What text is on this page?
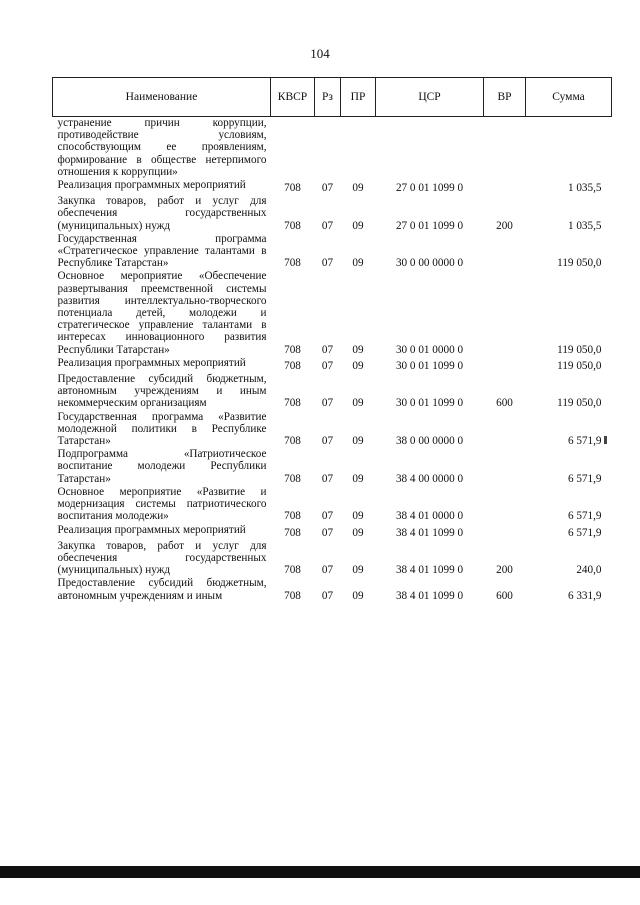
104
Наименование	КВСР	Рз	ПР	ЦСР	ВР	Сумма
устранение причин коррупции, противодействие условиям, способствующим ее проявлениям, формирование в обществе нетерпимого отношения к коррупции»						
Реализация программных мероприятий	708	07	09	27 0 01 1099 0		1 035,5
Закупка товаров, работ и услуг для обеспечения государственных (муниципальных) нужд	708	07	09	27 0 01 1099 0	200	1 035,5
Государственная программа «Стратегическое управление талантами в Республике Татарстан»	708	07	09	30 0 00 0000 0		119 050,0
Основное мероприятие «Обеспечение развертывания преемственной системы развития интеллектуально-творческого потенциала детей, молодежи и стратегическое управление талантами в интересах инновационного развития Республики Татарстан»	708	07	09	30 0 01 0000 0		119 050,0
Реализация программных мероприятий	708	07	09	30 0 01 1099 0		119 050,0
Предоставление субсидий бюджетным, автономным учреждениям и иным некоммерческим организациям	708	07	09	30 0 01 1099 0	600	119 050,0
Государственная программа «Развитие молодежной политики в Республике Татарстан»	708	07	09	38 0 00 0000 0		6 571,9
Подпрограмма «Патриотическое воспитание молодежи Республики Татарстан»	708	07	09	38 4 00 0000 0		6 571,9
Основное мероприятие «Развитие и модернизация системы патриотического воспитания молодежи»	708	07	09	38 4 01 0000 0		6 571,9
Реализация программных мероприятий	708	07	09	38 4 01 1099 0		6 571,9
Закупка товаров, работ и услуг для обеспечения государственных (муниципальных) нужд	708	07	09	38 4 01 1099 0	200	240,0
Предоставление субсидий бюджетным, автономным учреждениям и иным	708	07	09	38 4 01 1099 0	600	6 331,9
